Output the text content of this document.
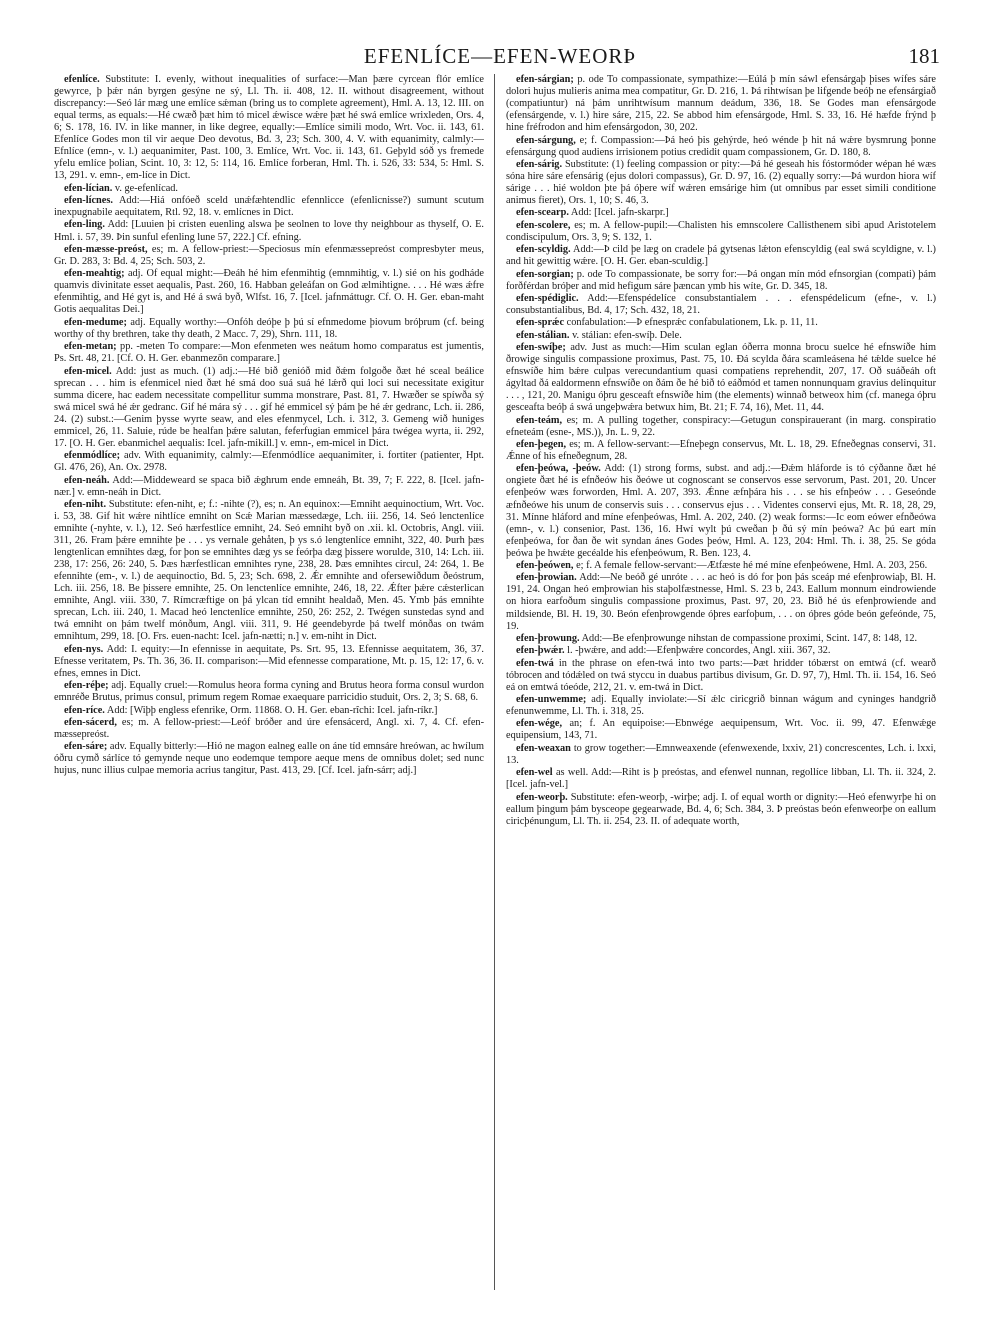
EFENLÍCE—EFEN-WEORÞ	181

efenlíce. Substitute: I. evenly, without inequalities of surface:—Man þære cyrcean flór emlíce gewyrce, þ þǽr nán byrgen gesýne ne sý, Ll. Th. ii. 408, 12. II. without disagreement, without discrepancy:—Seó lár mæg une emlíce sǽman (bring us to complete agreement), Hml. A. 13, 12. III. on equal terms, as equals:—Hé cwæð þæt him tó micel ǽwisce wǽre þæt hé swá emlíce wrixleden, Ors. 4, 6; S. 178, 16. IV. in like manner, in like degree, equally:—Emlíce simili modo, Wrt. Voc. ii. 143, 61. Efenlíce Godes mon til vir aeque Deo devotus, Bd. 3, 23; Sch. 300, 4. V. with equanimity, calmly:—Efnlíce (emn-, v. l.) aequanimiter, Past. 100, 3. Emlíce, Wrt. Voc. ii. 143, 61. Geþyld sóð ys fremede yfelu emlíce þolian, Scint. 10, 3: 12, 5: 114, 16. Emlíce forberan, Hml. Th. i. 526, 33: 534, 5: Hml. S. 13, 291. v. emn-, em-líce in Dict.

efen-lícian. v. ge-efenlícad.

efen-lícnes. Add:—Hiá onfóeð sceld unǽfæhtendlic efennlicce (efenlicnisse?) sumunt scutum inexpugnabile aequitatem, Rtl. 92, 18. v. emlícnes in Dict.

efen-ling. Add: [Luuien þi cristen euenling alswa þe seolnen to love thy neighbour as thyself, O. E. Hml. i. 57, 39. Þin sunful efenling lune 57, 222.] Cf. efning.

efen-mæsse-preóst, es; m. A fellow-priest:—Speciosus mín efenmæssepreóst compresbyter meus, Gr. D. 283, 3: Bd. 4, 25; Sch. 503, 2.

efen-meahtig; adj. Of equal might:—Ðeáh hé him efenmihtig (emnmihtig, v. l.) sié on his godháde quamvis divinitate esset aequalis, Past. 260, 16. Habban geleáfan on God ælmihtigne. . . . Hé wæs ǽfre efenmihtig, and Hé gyt is, and Hé á swá byð, Wlfst. 16, 7. [Icel. jafnmáttugr. Cf. O. H. Ger. eban-maht Gotis aequalitas Dei.]

efen-medume; adj. Equally worthy:—Onfóh deóþe þ þú sí efnmedome þiovum bróþrum (cf. being worthy of thy brethren, take thy death, 2 Macc. 7, 29), Shrn. 111, 18.

efen-metan; pp. -meten To compare:—Mon efenmeten wes neátum homo comparatus est jumentis, Ps. Srt. 48, 21. [Cf. O. H. Ger. ebanmezōn comparare.]

efen-micel. Add: just as much. (1) adj.:—Hé bið genióð mid ðǽm folgoðe ðæt hé sceal beálice sprecan . . . him is efenmicel nied ðæt hé smá doo suá suá hé lǽrð qui loci sui necessitate exigitur summa dicere, hac eadem necessitate compellitur summa monstrare, Past. 81, 7. Hwæðer se spíwða sý swá micel swá hé ǽr gedranc. Gif hé mára sý . . . gif hé emmicel sý þám þe hé ǽr gedranc, Lch. ii. 286, 24. (2) subst.:—Genim þysse wyrte seaw, and eles efenmycel, Lch. i. 312, 3. Gemeng wið huniges emmicel, 26, 11. Saluie, rúde be healfan þǽre salutan, feferfugian emmicel þára twégea wyrta, ii. 292, 17. [O. H. Ger. ebanmichel aequalis: Icel. jafn-mikill.] v. emn-, em-micel in Dict.

efenmódlíce; adv. With equanimity, calmly:—Efenmódlíce aequanimiter, i. fortiter (patienter, Hpt. Gl. 476, 26), An. Ox. 2978.

efen-neáh. Add:—Middeweard se spaca bið ǽghrum ende emneáh, Bt. 39, 7; F. 222, 8. [Icel. jafn-nær.] v. emn-neáh in Dict.

efen-niht. Substitute: efen-niht, e; f.: -nihte (?), es; n. An equinox:—Emniht aequinoctium, Wrt. Voc. i. 53, 38. Gif hit wǽre nihtlíce emniht on Scǽ Marian mæssedæge, Lch. iii. 256, 14. Seó lenctenlíce emnihte (-nyhte, v. l.), 12. Seó hærfestlíce emniht, 24. Seó emniht byð on .xii. kl. Octobris, Angl. viii. 311, 26. Fram þǽre emnihte þe . . . ys vernale gehåten, þ ys s.ó lengtenlíce emniht, 322, 40. Þurh þæs lengtenlican emnihtes dæg, for þon se emnihtes dæg ys se feórþa dæg þissere woruldе, 310, 14: Lch. iii. 238, 17: 256, 26: 240, 5. Þæs hærfestlican emnihtes ryne, 238, 28. Þæs emnihtes circul, 24: 264, 1. Be efennihte (em-, v. l.) de aequinoctio, Bd. 5, 23; Sch. 698, 2. Ǽr emnihte and ofersewiðdum ðeóstrum, Lch. iii. 256, 18. Be þissere emnihte, 25. On lenctenlíce emnihte, 246, 18, 22. Ǽfter þǽre cǽsterlican emnihte, Angl. viii. 330, 7. Rímcræftige on þá ylcan tíd emniht healdað, Men. 45. Ymb þás emnihte sprecan, Lch. iii. 240, 1. Macad heó lenctenlíce emnihte, 250, 26: 252, 2. Twégen sunstedas synd and twá emniht on þám twelf mónðum, Angl. viii. 311, 9. Hé geendebyrde þá twelf mónðas on twám emnihtum, 299, 18. [O. Frs. euen-nacht: Icel. jafn-nætti; n.] v. em-niht in Dict.

efen-nys. Add: I. equity:—In efennisse in aequitate, Ps. Srt. 95, 13. Efennisse aequitatem, 36, 37. Efnesse veritatem, Ps. Th. 36, 36. II. comparison:—Mid efennesse comparatione, Mt. p. 15, 12: 17, 6. v. efnes, emnes in Dict.

efen-réþe; adj. Equally cruel:—Romulus heora forma cyning and Brutus heora forma consul wurdon emnréðe Brutus, primus consul, primum regem Romae exaequare parricidio studuit, Ors. 2, 3; S. 68, 6.

efen-ríce. Add: [Wiþþ engless efenrike, Orm. 11868. O. H. Ger. eban-rîchi: Icel. jafn-ríkr.]

efen-sácerd, es; m. A fellow-priest:—Leóf bróðer and úre efensácerd, Angl. xi. 7, 4. Cf. efen-mæssepreóst.

efen-sáre; adv. Equally bitterly:—Hió ne magon ealneg ealle on áne tíd emnsáre hreówan, ac hwílum óðru cymð sárlíce tó gemynde neque uno eodemque tempore aeque mens de omnibus dolet; sed nunc hujus, nunc illius culpae memoria acrius tangitur, Past. 413, 29. [Cf. Icel. jafn-sárr; adj.]

efen-sárgian; p. ode To compassionate, sympathize:—Eúlá þ mín sáwl efensárgaþ þises wífes sáre dolori hujus mulieris anima mea compatitur, Gr. D. 216, 1. Þá rihtwísan þe lifgende beóþ ne efensárgiað (compatiuntur) ná þám unrihtwísum mannum deádum, 336, 18. Se Godes man efensárgode (efensárgende, v. l.) hire sáre, 215, 22. Se abbod him efensárgode, Hml. S. 33, 16. Hé hæfde frýnd þ hine fréfrodon and him efensárgodon, 30, 202.

efen-sárgung, e; f. Compassion:—Þá heó þis gehýrde, heó wénde þ hit ná wǽre bysmrung þonne efensárgung quod audiens irrisionem potius credidit quam compassionem, Gr. D. 180, 8.

efen-sárig. Substitute: (1) feeling compassion or pity:—Þá hé geseah his fóstormóder wépan hé wæs sóna hire sáre efensárig (ejus dolori compassus), Gr. D. 97, 16. (2) equally sorry:—Þá wurdon hiora wíf sárige . . . hié woldon þte þá óþere wíf wǽren emsárige him (ut omnibus par esset simili conditione animus fieret), Ors. 1, 10; S. 46, 3.

efen-scearp. Add: [Icel. jafn-skarpr.]

efen-scolere, es; m. A fellow-pupil:—Chalisten his emnscolere Callisthenem sibi apud Aristotelem condiscipulum, Ors. 3, 9; S. 132, 1.

efen-scyldig. Add:—Þ cild þe læg on cradele þá gytsenas lǽton efenscyldig (eal swá scyldigne, v. l.) and hit gewittig wǽre. [O. H. Ger. eban-sculdig.]

efen-sorgian; p. ode To compassionate, be sorry for:—Þá ongan mín mód efnsorgian (compati) þám forðférdan bróþer and mid hefigum sáre þæncan ymb his wíte, Gr. D. 345, 18.

efen-spédiglic. Add:—Efenspédelíce consubstantialem . . . efenspédelicum (efne-, v. l.) consubstantialibus, Bd. 4, 17; Sch. 432, 18, 21.

efen-sprǽc confabulation:—Þ efnesprǽc confabulationem, Lk. p. 11, 11.

efen-stálian. v. stálian: efen-swíþ. Dele.

efen-swíþe; adv. Just as much:—Him sculan eglan óðerra monna brocu suelce hé efnswíðe him ðrowige singulis compassione proximus, Past. 75, 10. Ðá scylda ðára scamleásena hé tǽlde suelce hé efnswíðe him bǽre culpas verecundantium quasi compatiens reprehendit, 207, 17. Oð suáðeáh oft ágyltad ðá ealdormenn efnswíðe on ðám ðe hé bið tó eáðmód et tamen nonnunquam gravius delinquitur . . . , 121, 20. Manigu óþru gesceaft efnswíðe him (the elements) winnað betweox him (cf. manega óþru gesceafta beóþ á swá ungeþwǽra betwux him, Bt. 21; F. 74, 16), Met. 11, 44.

efen-teám, es; m. A pulling together, conspiracy:—Getugun conspirauerant (in marg. conspiratio efneteám (esne-, MS.)), Jn. L. 9, 22.

efen-þegen, es; m. A fellow-servant:—Efneþegn conservus, Mt. L. 18, 29. Efneðegnas conservi, 31. Ǽnne of his efneðegnum, 28.

efen-þeówa, -þeów. Add: (1) strong forms, subst. and adj.:—Ðǽm hláforde is tó cýðanne ðæt hé ongiete ðæt hé is efnðeów his ðeówe ut cognoscant se conservos esse servorum, Past. 201, 20. Uncer efenþeów wæs forworden, Hml. A. 207, 393. Ǽnne æfnþára his . . . se his efnþeów . . . Geseónde æfnðeówe his unum de conservis suis . . . conservus ejus . . . Videntes conservi ejus, Mt. R. 18, 28, 29, 31. Mínne hláford and míne efenþeówas, Hml. A. 202, 240. (2) weak forms:—Ic eom eówer efnðeówa (emn-, v. l.) consenior, Past. 136, 16. Hwí wylt þú cweðan þ ðú sý mín þeówa? Ac þú eart mín efenþeówa, for ðan ðe wit syndan ánes Godes þeów, Hml. A. 123, 204: Hml. Th. i. 38, 25. Se góda þeówa þe hwǽte gecéalde his efenþeówum, R. Ben. 123, 4.

efen-þeówen, e; f. A female fellow-servant:—Ætfæste hé mé míne efenþeówene, Hml. A. 203, 256.

efen-þrowian. Add:—Ne beóð gé unróte . . . ac heó is dó for þon þás sceáp mé efenþrowiaþ, Bl. H. 191, 24. Ongan heó emþrowian his staþolfæstnesse, Hml. S. 23 b, 243. Eallum monnum eindrowiende on hiora earfoðum singulis compassione proximus, Past. 97, 20, 23. Bið hé ús efenþrowiende and mildsiende, Bl. H. 19, 30. Beón efenþrowgende óþres earfoþum, . . . on óþres góde beón gefeónde, 75, 19.

efen-þrowung. Add:—Be efenþrowunge nihstan de compassione proximi, Scint. 147, 8: 148, 12.

efen-þwǽr. l. -þwǽre, and add:—Efenþwǽre concordes, Angl. xiii. 367, 32.

efen-twá in the phrase on efen-twá into two parts:—Þæt hridder tóbærst on emtwá (cf. wearð tóbrocen and tódǽled on twá styccu in duabus partibus divisum, Gr. D. 97, 7), Hml. Th. ii. 154, 16. Seó eá on emtwá tóeóde, 212, 21. v. em-twá in Dict.

efen-unwemme; adj. Equally inviolate:—Sí ǽlc ciricgrið binnan wágum and cyninges handgrið efenunwemme, Ll. Th. i. 318, 25.

efen-wége, an; f. An equipoise:—Ebnwége aequipensum, Wrt. Voc. ii. 99, 47. Efenwǽge equipensium, 143, 71.

efen-weaxan to grow together:—Emnweaxende (efenwexende, lxxiv, 21) concrescentes, Lch. i. lxxi, 13.

efen-wel as well. Add:—Riht is þ preóstas, and efenwel nunnan, regollíce libban, Ll. Th. ii. 324, 2. [Icel. jafn-vel.]

efen-weorþ. Substitute: efen-weorþ, -wirþe; adj. I. of equal worth or dignity:—Heó efenwyrþe hi on eallum þingum þám bysceope gegearwade, Bd. 4, 6; Sch. 384, 3. Þ preóstas beón efenweorþe on eallum ciricþénungum, Ll. Th. ii. 254, 23. II. of adequate worth,
